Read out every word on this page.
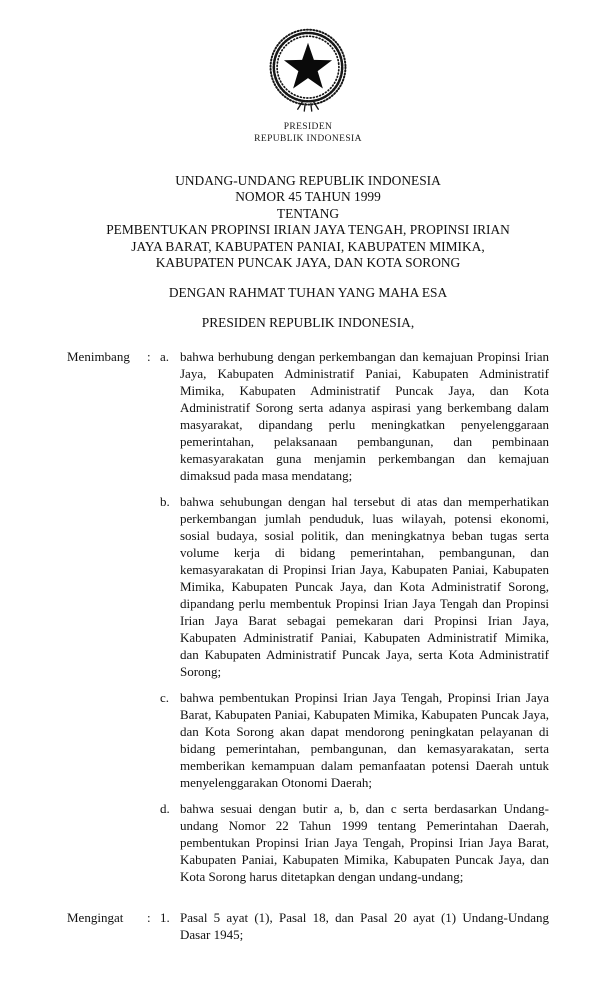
PRESIDEN
REPUBLIK INDONESIA
UNDANG-UNDANG REPUBLIK INDONESIA
NOMOR 45 TAHUN 1999
TENTANG
PEMBENTUKAN PROPINSI IRIAN JAYA TENGAH, PROPINSI IRIAN
JAYA BARAT, KABUPATEN PANIAI, KABUPATEN MIMIKA,
KABUPATEN PUNCAK JAYA, DAN KOTA SORONG
DENGAN RAHMAT TUHAN YANG MAHA ESA
PRESIDEN REPUBLIK INDONESIA,
Menimbang	: a. bahwa berhubung dengan perkembangan dan kemajuan Propinsi Irian Jaya, Kabupaten Administratif Paniai, Kabupaten Administratif Mimika, Kabupaten Administratif Puncak Jaya, dan Kota Administratif Sorong serta adanya aspirasi yang berkembang dalam masyarakat, dipandang perlu meningkatkan penyelenggaraan pemerintahan, pelaksanaan pembangunan, dan pembinaan kemasyarakatan guna menjamin perkembangan dan kemajuan dimaksud pada masa mendatang;

b. bahwa sehubungan dengan hal tersebut di atas dan memperhatikan perkembangan jumlah penduduk, luas wilayah, potensi ekonomi, sosial budaya, sosial politik, dan meningkatnya beban tugas serta volume kerja di bidang pemerintahan, pembangunan, dan kemasyarakatan di Propinsi Irian Jaya, Kabupaten Paniai, Kabupaten Mimika, Kabupaten Puncak Jaya, dan Kota Administratif Sorong, dipandang perlu membentuk Propinsi Irian Jaya Tengah dan Propinsi Irian Jaya Barat sebagai pemekaran dari Propinsi Irian Jaya, Kabupaten Administratif Paniai, Kabupaten Administratif Mimika, dan Kabupaten Administratif Puncak Jaya, serta Kota Administratif Sorong;

c. bahwa pembentukan Propinsi Irian Jaya Tengah, Propinsi Irian Jaya Barat, Kabupaten Paniai, Kabupaten Mimika, Kabupaten Puncak Jaya, dan Kota Sorong akan dapat mendorong peningkatan pelayanan di bidang pemerintahan, pembangunan, dan kemasyarakatan, serta memberikan kemampuan dalam pemanfaatan potensi Daerah untuk menyelenggarakan Otonomi Daerah;

d. bahwa sesuai dengan butir a, b, dan c serta berdasarkan Undang-undang Nomor 22 Tahun 1999 tentang Pemerintahan Daerah, pembentukan Propinsi Irian Jaya Tengah, Propinsi Irian Jaya Barat, Kabupaten Paniai, Kabupaten Mimika, Kabupaten Puncak Jaya, dan Kota Sorong harus ditetapkan dengan undang-undang;

Mengingat	: 1. Pasal 5 ayat (1), Pasal 18, dan Pasal 20 ayat (1) Undang-Undang Dasar 1945;
